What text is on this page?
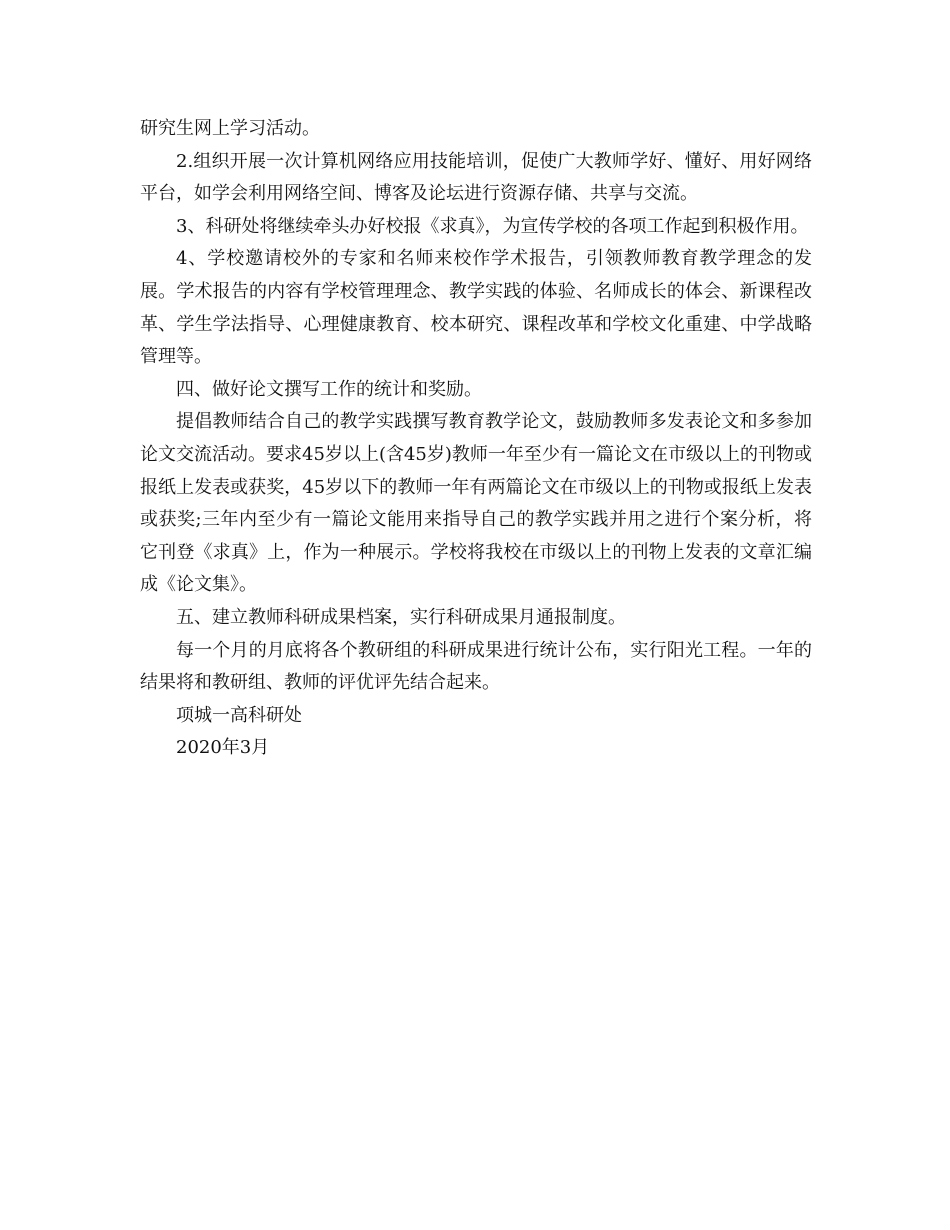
研究生网上学习活动。

2.组织开展一次计算机网络应用技能培训，促使广大教师学好、懂好、用好网络平台，如学会利用网络空间、博客及论坛进行资源存储、共享与交流。

3、科研处将继续牵头办好校报《求真》，为宣传学校的各项工作起到积极作用。

4、学校邀请校外的专家和名师来校作学术报告，引领教师教育教学理念的发展。学术报告的内容有学校管理理念、教学实践的体验、名师成长的体会、新课程改革、学生学法指导、心理健康教育、校本研究、课程改革和学校文化重建、中学战略管理等。

四、做好论文撰写工作的统计和奖励。

提倡教师结合自己的教学实践撰写教育教学论文，鼓励教师多发表论文和多参加论文交流活动。要求45岁以上(含45岁)教师一年至少有一篇论文在市级以上的刊物或报纸上发表或获奖，45岁以下的教师一年有两篇论文在市级以上的刊物或报纸上发表或获奖;三年内至少有一篇论文能用来指导自己的教学实践并用之进行个案分析，将它刊登《求真》上，作为一种展示。学校将我校在市级以上的刊物上发表的文章汇编成《论文集》。

五、建立教师科研成果档案，实行科研成果月通报制度。

每一个月的月底将各个教研组的科研成果进行统计公布，实行阳光工程。一年的结果将和教研组、教师的评优评先结合起来。

项城一高科研处

2020年3月
